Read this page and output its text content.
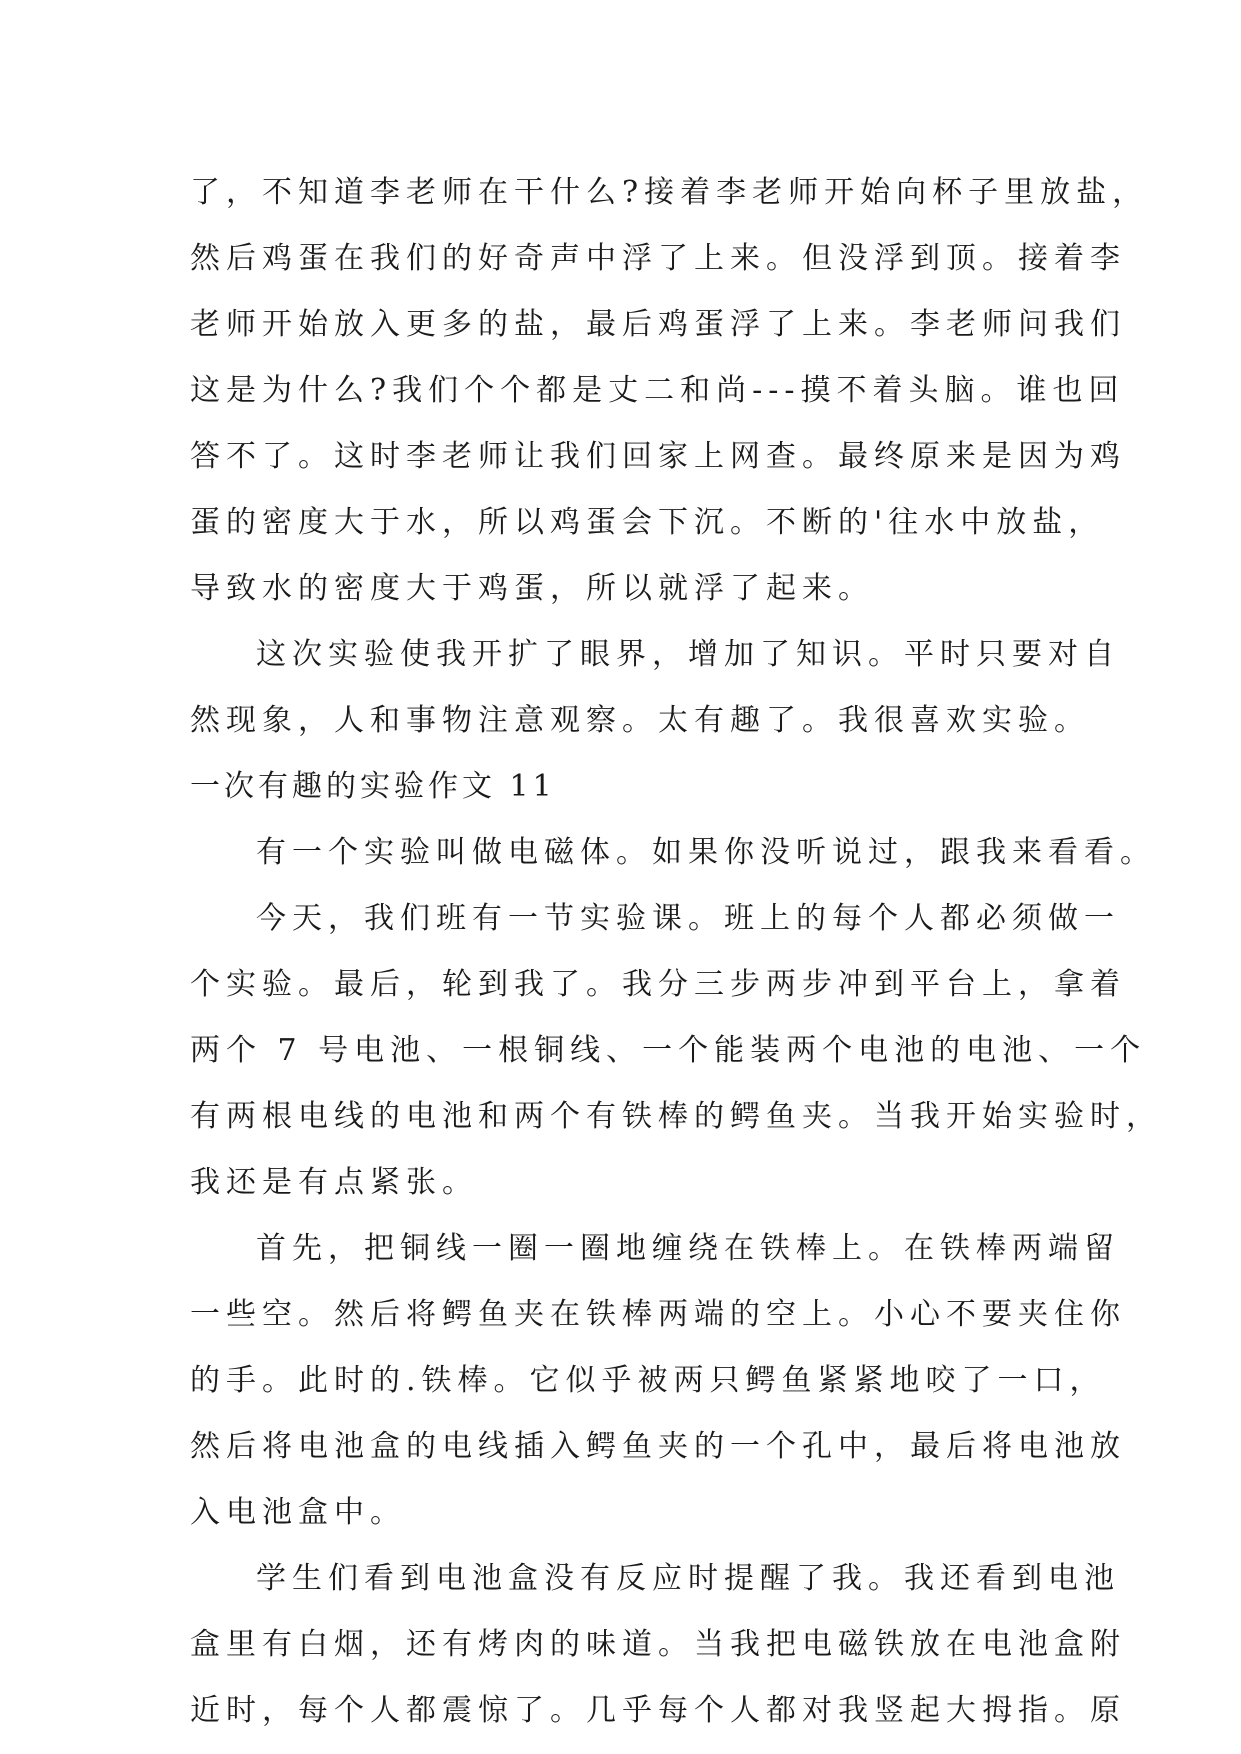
了，不知道李老师在干什么?接着李老师开始向杯子里放盐，
然后鸡蛋在我们的好奇声中浮了上来。但没浮到顶。接着李
老师开始放入更多的盐，最后鸡蛋浮了上来。李老师问我们
这是为什么?我们个个都是丈二和尚---摸不着头脑。谁也回
答不了。这时李老师让我们回家上网查。最终原来是因为鸡
蛋的密度大于水，所以鸡蛋会下沉。不断的'往水中放盐，
导致水的密度大于鸡蛋，所以就浮了起来。
这次实验使我开扩了眼界，增加了知识。平时只要对自
然现象，人和事物注意观察。太有趣了。我很喜欢实验。
一次有趣的实验作文 11
有一个实验叫做电磁体。如果你没听说过，跟我来看看。
今天，我们班有一节实验课。班上的每个人都必须做一
个实验。最后，轮到我了。我分三步两步冲到平台上，拿着
两个 7 号电池、一根铜线、一个能装两个电池的电池、一个
有两根电线的电池和两个有铁棒的鳄鱼夹。当我开始实验时，
我还是有点紧张。
首先，把铜线一圈一圈地缠绕在铁棒上。在铁棒两端留
一些空。然后将鳄鱼夹在铁棒两端的空上。小心不要夹住你
的手。此时的.铁棒。它似乎被两只鳄鱼紧紧地咬了一口，
然后将电池盒的电线插入鳄鱼夹的一个孔中，最后将电池放
入电池盒中。
学生们看到电池盒没有反应时提醒了我。我还看到电池
盒里有白烟，还有烤肉的味道。当我把电磁铁放在电池盒附
近时，每个人都震惊了。几乎每个人都对我竖起大拇指。原
